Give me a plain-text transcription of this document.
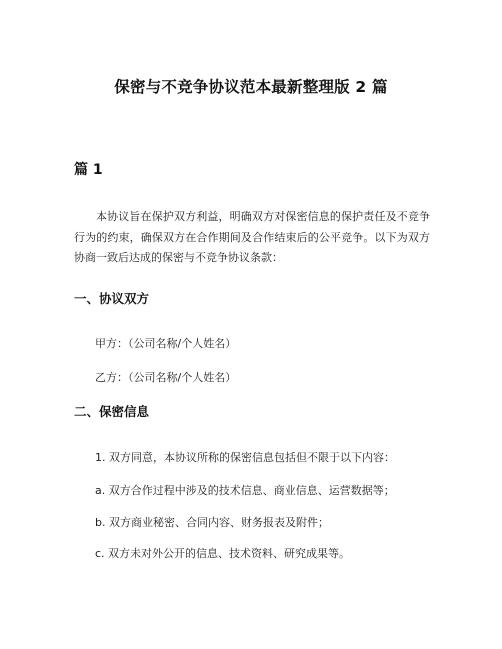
保密与不竞争协议范本最新整理版 2 篇
篇 1

本协议旨在保护双方利益，明确双方对保密信息的保护责任及不竞争行为的约束，确保双方在合作期间及合作结束后的公平竞争。以下为双方协商一致后达成的保密与不竞争协议条款：

一、协议双方
甲方：（公司名称/个人姓名）
乙方：（公司名称/个人姓名）
二、保密信息
1. 双方同意，本协议所称的保密信息包括但不限于以下内容：
a. 双方合作过程中涉及的技术信息、商业信息、运营数据等；
b. 双方商业秘密、合同内容、财务报表及附件；
c. 双方未对外公开的信息、技术资料、研究成果等。
